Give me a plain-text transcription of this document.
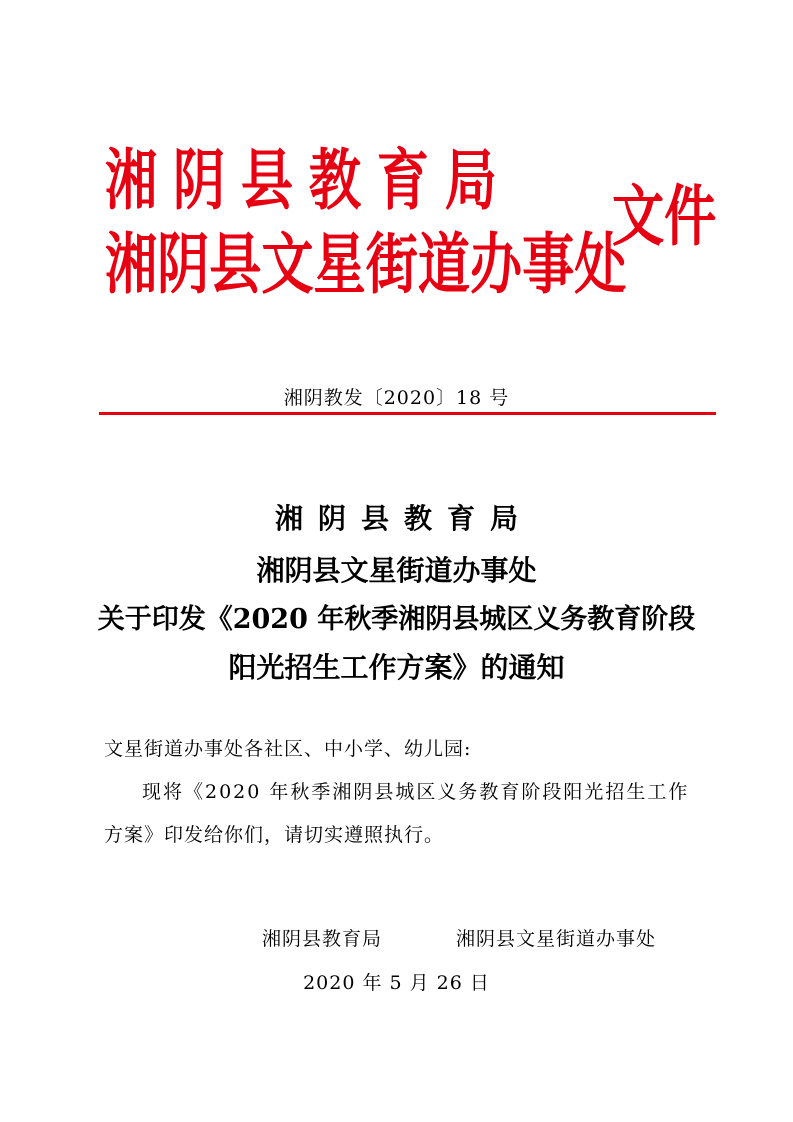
湘阴县教育局
湘阴县文星街道办事处
文件
湘阴教发〔2020〕18 号
湘阴县教育局
湘阴县文星街道办事处
关于印发《2020 年秋季湘阴县城区义务教育阶段
阳光招生工作方案》的通知
文星街道办事处各社区、中小学、幼儿园:
现将《2020 年秋季湘阴县城区义务教育阶段阳光招生工作
方案》印发给你们，请切实遵照执行。
湘阴县教育局	湘阴县文星街道办事处
2020 年 5 月 26 日
